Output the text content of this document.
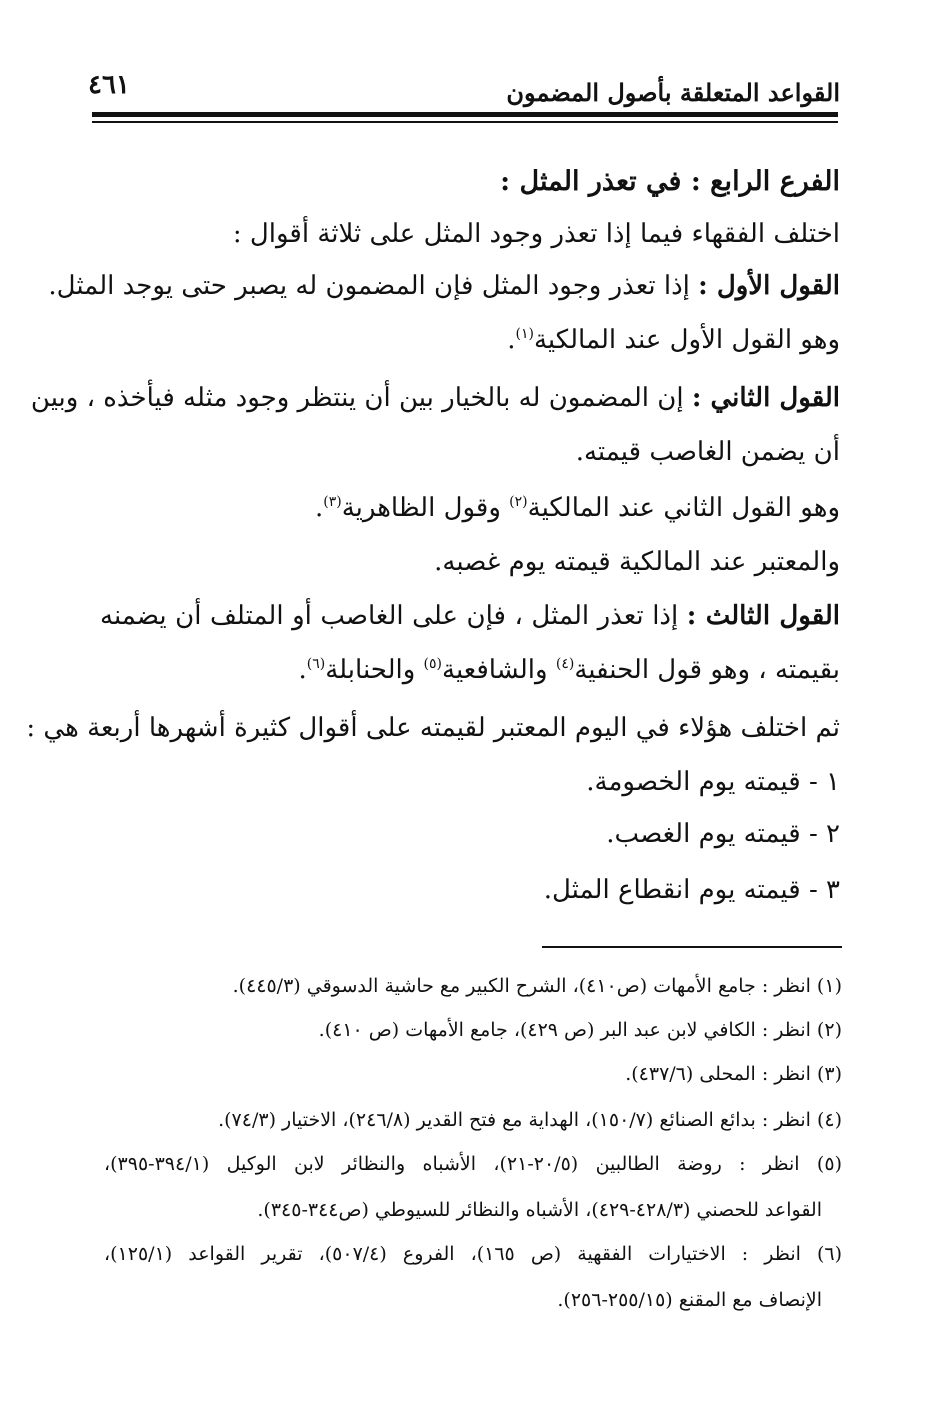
القواعد المتعلقة بأصول المضمون
٤٦١
الفرع الرابع : في تعذر المثل :
اختلف الفقهاء فيما إذا تعذر وجود المثل على ثلاثة أقوال :
القول الأول : إذا تعذر وجود المثل فإن المضمون له يصبر حتى يوجد المثل.
وهو القول الأول عند المالكية$^{(١)}$.
القول الثاني : إن المضمون له بالخيار بين أن ينتظر وجود مثله فيأخذه ، وبين
أن يضمن الغاصب قيمته.
وهو القول الثاني عند المالكية$^{(٢)}$ وقول الظاهرية$^{(٣)}$.
والمعتبر عند المالكية قيمته يوم غصبه.
القول الثالث : إذا تعذر المثل ، فإن على الغاصب أو المتلف أن يضمنه
بقيمته ، وهو قول الحنفية$^{(٤)}$ والشافعية$^{(٥)}$ والحنابلة$^{(٦)}$.
ثم اختلف هؤلاء في اليوم المعتبر لقيمته على أقوال كثيرة أشهرها أربعة هي :
١ - قيمته يوم الخصومة.
٢ - قيمته يوم الغصب.
٣ - قيمته يوم انقطاع المثل.
(١) انظر : جامع الأمهات (ص٤١٠)، الشرح الكبير مع حاشية الدسوقي (٤٤٥/٣).
(٢) انظر : الكافي لابن عبد البر (ص ٤٢٩)، جامع الأمهات (ص ٤١٠).
(٣) انظر : المحلى (٤٣٧/٦).
(٤) انظر : بدائع الصنائع (١٥٠/٧)، الهداية مع فتح القدير (٢٤٦/٨)، الاختيار (٧٤/٣).
(٥) انظر : روضة الطالبين (٢٠/٥-٢١)، الأشباه والنظائر لابن الوكيل (٣٩٤/١-٣٩٥)،
القواعد للحصني (٤٢٨/٣-٤٢٩)، الأشباه والنظائر للسيوطي (ص٣٤٤-٣٤٥).
(٦) انظر : الاختيارات الفقهية (ص ١٦٥)، الفروع (٥٠٧/٤)، تقرير القواعد (١٢٥/١)،
الإنصاف مع المقنع (٢٥٥/١٥-٢٥٦).
